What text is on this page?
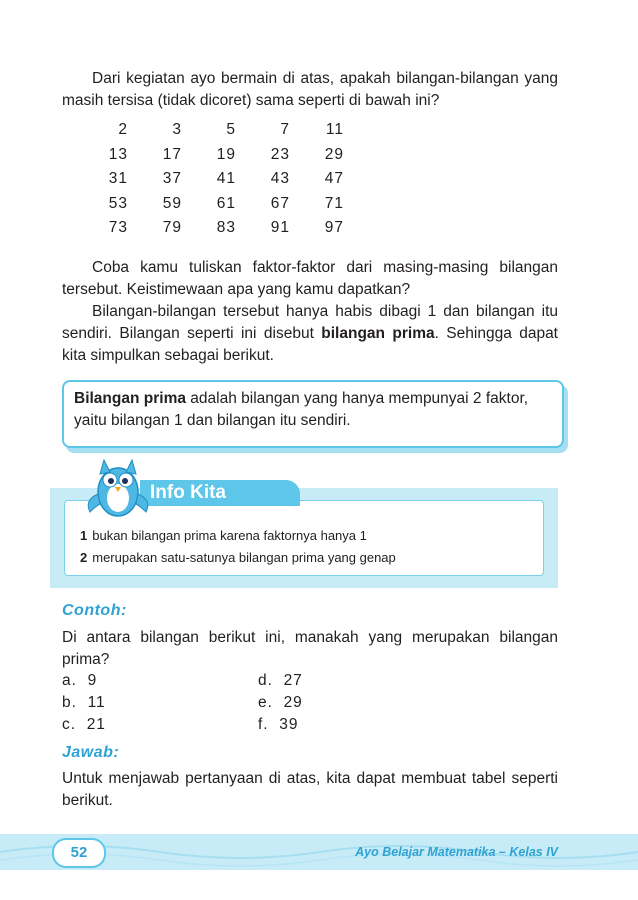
Dari kegiatan ayo bermain di atas, apakah bilangan-bilangan yang masih tersisa (tidak dicoret) sama seperti di bawah ini?

2	3	5	7	11
13	17	19	23	29
31	37	41	43	47
53	59	61	67	71
73	79	83	91	97

Coba kamu tuliskan faktor-faktor dari masing-masing bilangan tersebut. Keistimewaan apa yang kamu dapatkan?

Bilangan-bilangan tersebut hanya habis dibagi 1 dan bilangan itu sendiri. Bilangan seperti ini disebut bilangan prima. Sehingga dapat kita simpulkan sebagai berikut.

Bilangan prima adalah bilangan yang hanya mempunyai 2 faktor, yaitu bilangan 1 dan bilangan itu sendiri.
Info Kita
1 bukan bilangan prima karena faktornya hanya 1
2 merupakan satu-satunya bilangan prima yang genap
Contoh:

Di antara bilangan berikut ini, manakah yang merupakan bilangan prima?

a. 9
b. 11
c. 21
d. 27
e. 29
f. 39
Jawab:

Untuk menjawab pertanyaan di atas, kita dapat membuat tabel seperti berikut.

52	Ayo Belajar Matematika – Kelas IV
